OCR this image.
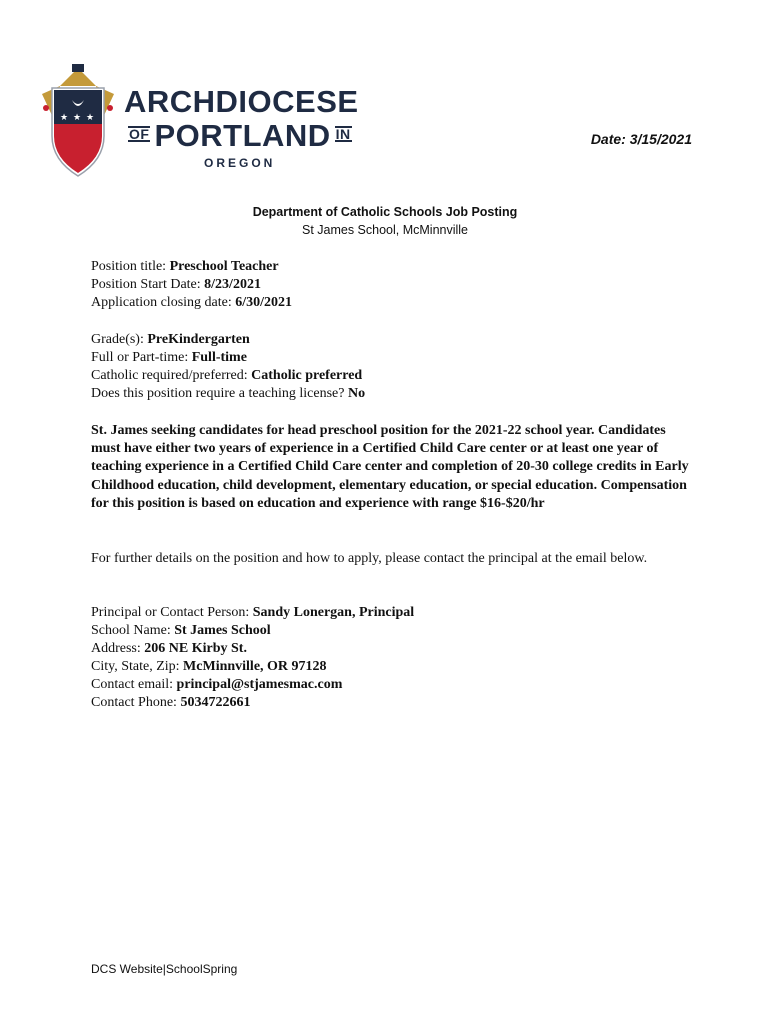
★ ★ ★ ARCHDIOCESE
OF PORTLAND IN
OREGON
Date: 3/15/2021
Department of Catholic Schools Job Posting
St James School, McMinnville
Position title: Preschool Teacher
Position Start Date: 8/23/2021
Application closing date: 6/30/2021
Grade(s): PreKindergarten
Full or Part-time: Full-time
Catholic required/preferred: Catholic preferred
Does this position require a teaching license? No
St. James seeking candidates for head preschool position for the 2021-22 school year. Candidates must have either two years of experience in a Certified Child Care center or at least one year of teaching experience in a Certified Child Care center and completion of 20-30 college credits in Early Childhood education, child development, elementary education, or special education. Compensation for this position is based on education and experience with range $16-$20/hr
For further details on the position and how to apply, please contact the principal at the email below.
Principal or Contact Person: Sandy Lonergan, Principal
School Name: St James School
Address: 206 NE Kirby St.
City, State, Zip: McMinnville, OR 97128
Contact email: principal@stjamesmac.com
Contact Phone: 5034722661
DCS Website|SchoolSpring
